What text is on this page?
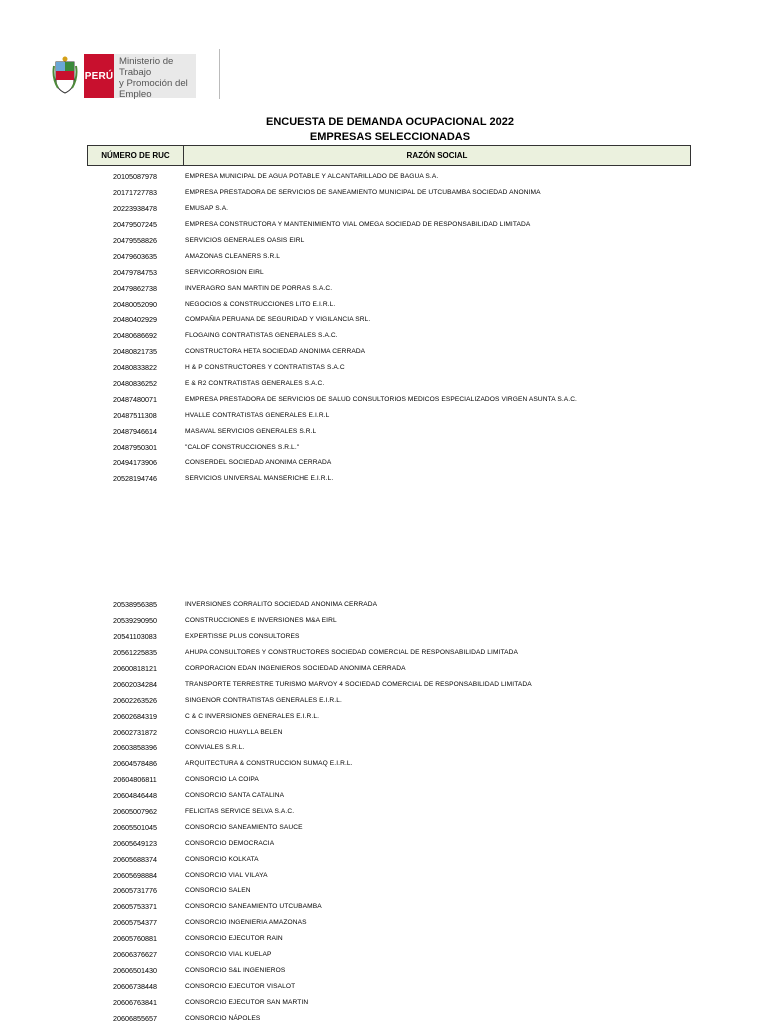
PERÚ
Ministerio de Trabajo
y Promoción del Empleo
ENCUESTA DE DEMANDA OCUPACIONAL 2022
EMPRESAS SELECCIONADAS
NÚMERO DE RUC	RAZÓN SOCIAL
20105087978	EMPRESA MUNICIPAL DE AGUA POTABLE Y ALCANTARILLADO DE BAGUA S.A.
20171727783	EMPRESA PRESTADORA DE SERVICIOS DE SANEAMIENTO MUNICIPAL DE UTCUBAMBA SOCIEDAD ANONIMA
20223938478	EMUSAP S.A.
20479507245	EMPRESA CONSTRUCTORA Y MANTENIMIENTO VIAL OMEGA SOCIEDAD DE RESPONSABILIDAD LIMITADA
20479558826	SERVICIOS GENERALES OASIS EIRL
20479603635	AMAZONAS CLEANERS S.R.L
20479784753	SERVICORROSION EIRL
20479862738	INVERAGRO SAN MARTIN DE PORRAS S.A.C.
20480052090	NEGOCIOS & CONSTRUCCIONES LITO E.I.R.L.
20480402929	COMPAÑIA PERUANA DE SEGURIDAD Y VIGILANCIA SRL.
20480686692	FLOGAING CONTRATISTAS GENERALES S.A.C.
20480821735	CONSTRUCTORA HETA SOCIEDAD ANONIMA CERRADA
20480833822	H & P CONSTRUCTORES Y CONTRATISTAS S.A.C
20480836252	E & R2 CONTRATISTAS GENERALES S.A.C.
20487480071	EMPRESA PRESTADORA DE SERVICIOS DE SALUD CONSULTORIOS MEDICOS ESPECIALIZADOS VIRGEN ASUNTA S.A.C.
20487511308	HVALLE CONTRATISTAS GENERALES E.I.R.L
20487946614	MASAVAL SERVICIOS GENERALES S.R.L
20487950301	"CALOF CONSTRUCCIONES S.R.L."
20494173906	CONSERDEL SOCIEDAD ANONIMA CERRADA
20528194746	SERVICIOS UNIVERSAL MANSERICHE E.I.R.L.
20538956385	INVERSIONES CORRALITO SOCIEDAD ANONIMA CERRADA
20539290950	CONSTRUCCIONES E INVERSIONES M&A EIRL
20541103083	EXPERTISSE PLUS CONSULTORES
20561225835	AHUPA CONSULTORES Y CONSTRUCTORES SOCIEDAD COMERCIAL DE RESPONSABILIDAD LIMITADA
20600818121	CORPORACION EDAN INGENIEROS SOCIEDAD ANONIMA CERRADA
20602034284	TRANSPORTE TERRESTRE TURISMO MARVOY 4 SOCIEDAD COMERCIAL DE RESPONSABILIDAD LIMITADA
20602263526	SINGENOR CONTRATISTAS GENERALES E.I.R.L.
20602684319	C & C INVERSIONES GENERALES E.I.R.L.
20602731872	CONSORCIO HUAYLLA BELEN
20603858396	CONVIALES S.R.L.
20604578486	ARQUITECTURA & CONSTRUCCION SUMAQ E.I.R.L.
20604806811	CONSORCIO LA COIPA
20604846448	CONSORCIO SANTA CATALINA
20605007962	FELICITAS SERVICE SELVA S.A.C.
20605501045	CONSORCIO SANEAMIENTO SAUCE
20605649123	CONSORCIO DEMOCRACIA
20605688374	CONSORCIO KOLKATA
20605698884	CONSORCIO VIAL VILAYA
20605731776	CONSORCIO SALEN
20605753371	CONSORCIO SANEAMIENTO UTCUBAMBA
20605754377	CONSORCIO INGENIERIA AMAZONAS
20605760881	CONSORCIO EJECUTOR RAIN
20606376627	CONSORCIO VIAL KUELAP
20606501430	CONSORCIO S&L INGENIEROS
20606738448	CONSORCIO EJECUTOR VISALOT
20606763841	CONSORCIO EJECUTOR SAN MARTIN
20606855657	CONSORCIO NÁPOLES
